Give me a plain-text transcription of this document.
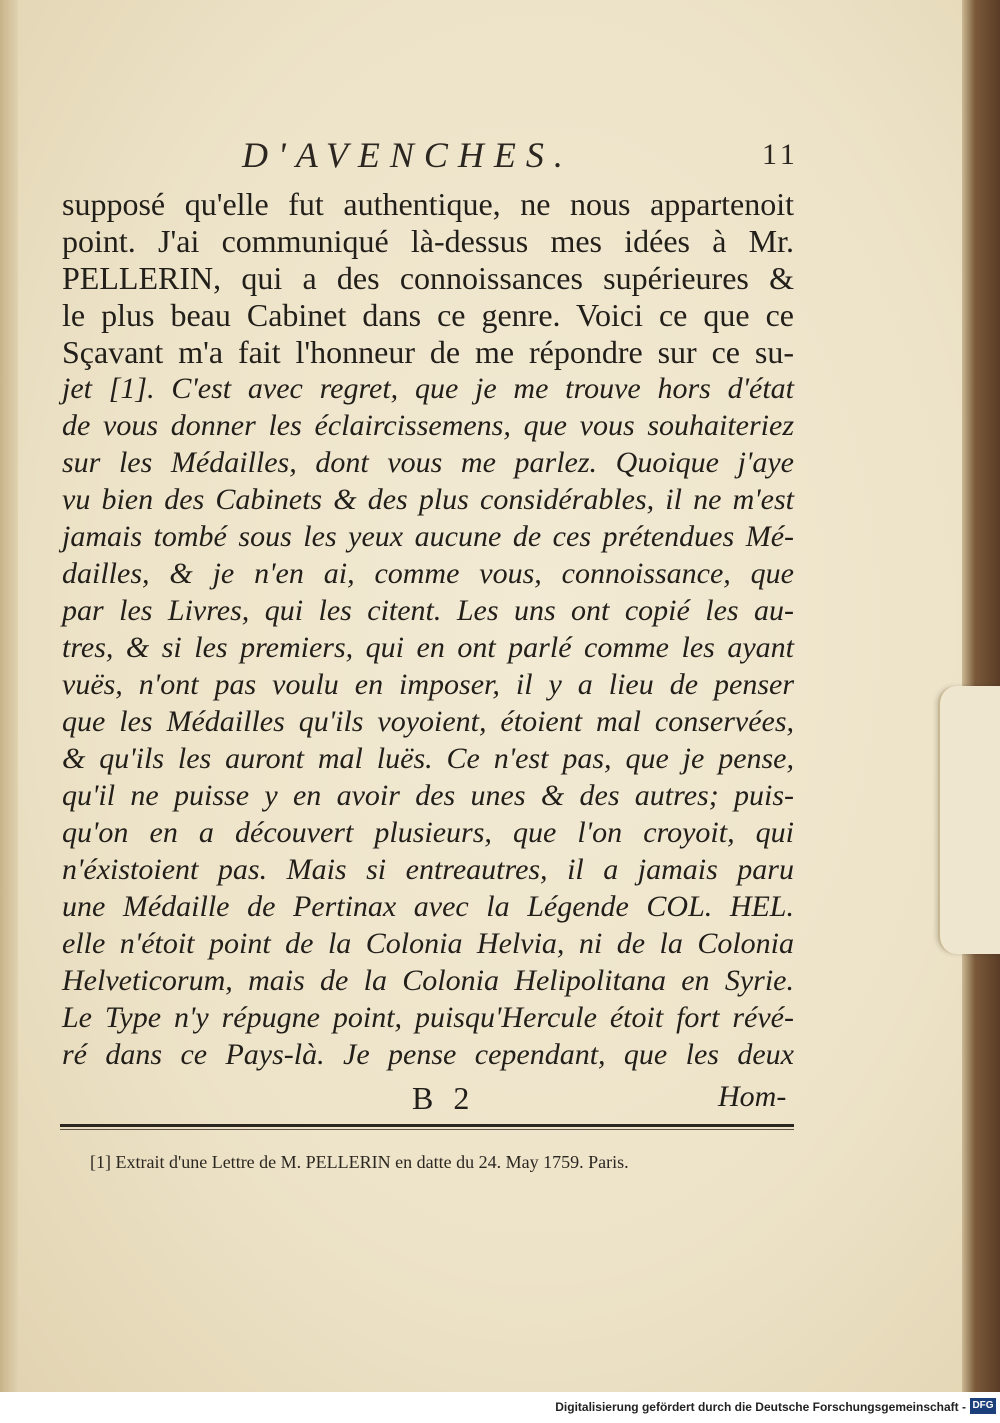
D'AVENCHES.	11
supposé qu'elle fut authentique, ne nous appartenoit
point. J'ai communiqué là-dessus mes idées à Mr.
PELLERIN, qui a des connoissances supérieures &
le plus beau Cabinet dans ce genre. Voici ce que ce
Sçavant m'a fait l'honneur de me répondre sur ce su-
jet [1]. C'est avec regret, que je me trouve hors d'état
de vous donner les éclaircissemens, que vous souhaiteriez
sur les Médailles, dont vous me parlez. Quoique j'aye
vu bien des Cabinets & des plus considérables, il ne m'est
jamais tombé sous les yeux aucune de ces prétendues Mé-
dailles, & je n'en ai, comme vous, connoissance, que
par les Livres, qui les citent. Les uns ont copié les au-
tres, & si les premiers, qui en ont parlé comme les ayant
vuës, n'ont pas voulu en imposer, il y a lieu de penser
que les Médailles qu'ils voyoient, étoient mal conservées,
& qu'ils les auront mal luës. Ce n'est pas, que je pense,
qu'il ne puisse y en avoir des unes & des autres; puis-
qu'on en a découvert plusieurs, que l'on croyoit, qui
n'éxistoient pas. Mais si entreautres, il a jamais paru
une Médaille de Pertinax avec la Légende COL. HEL.
elle n'étoit point de la Colonia Helvia, ni de la Colonia
Helveticorum, mais de la Colonia Helipolitana en Syrie.
Le Type n'y répugne point, puisqu'Hercule étoit fort révé-
ré dans ce Pays-là. Je pense cependant, que les deux
B 2	Hom-
[1] Extrait d'une Lettre de M. PELLERIN en datte du 24. May 1759. Paris.
Digitalisierung gefördert durch die Deutsche Forschungsgemeinschaft - DFG
